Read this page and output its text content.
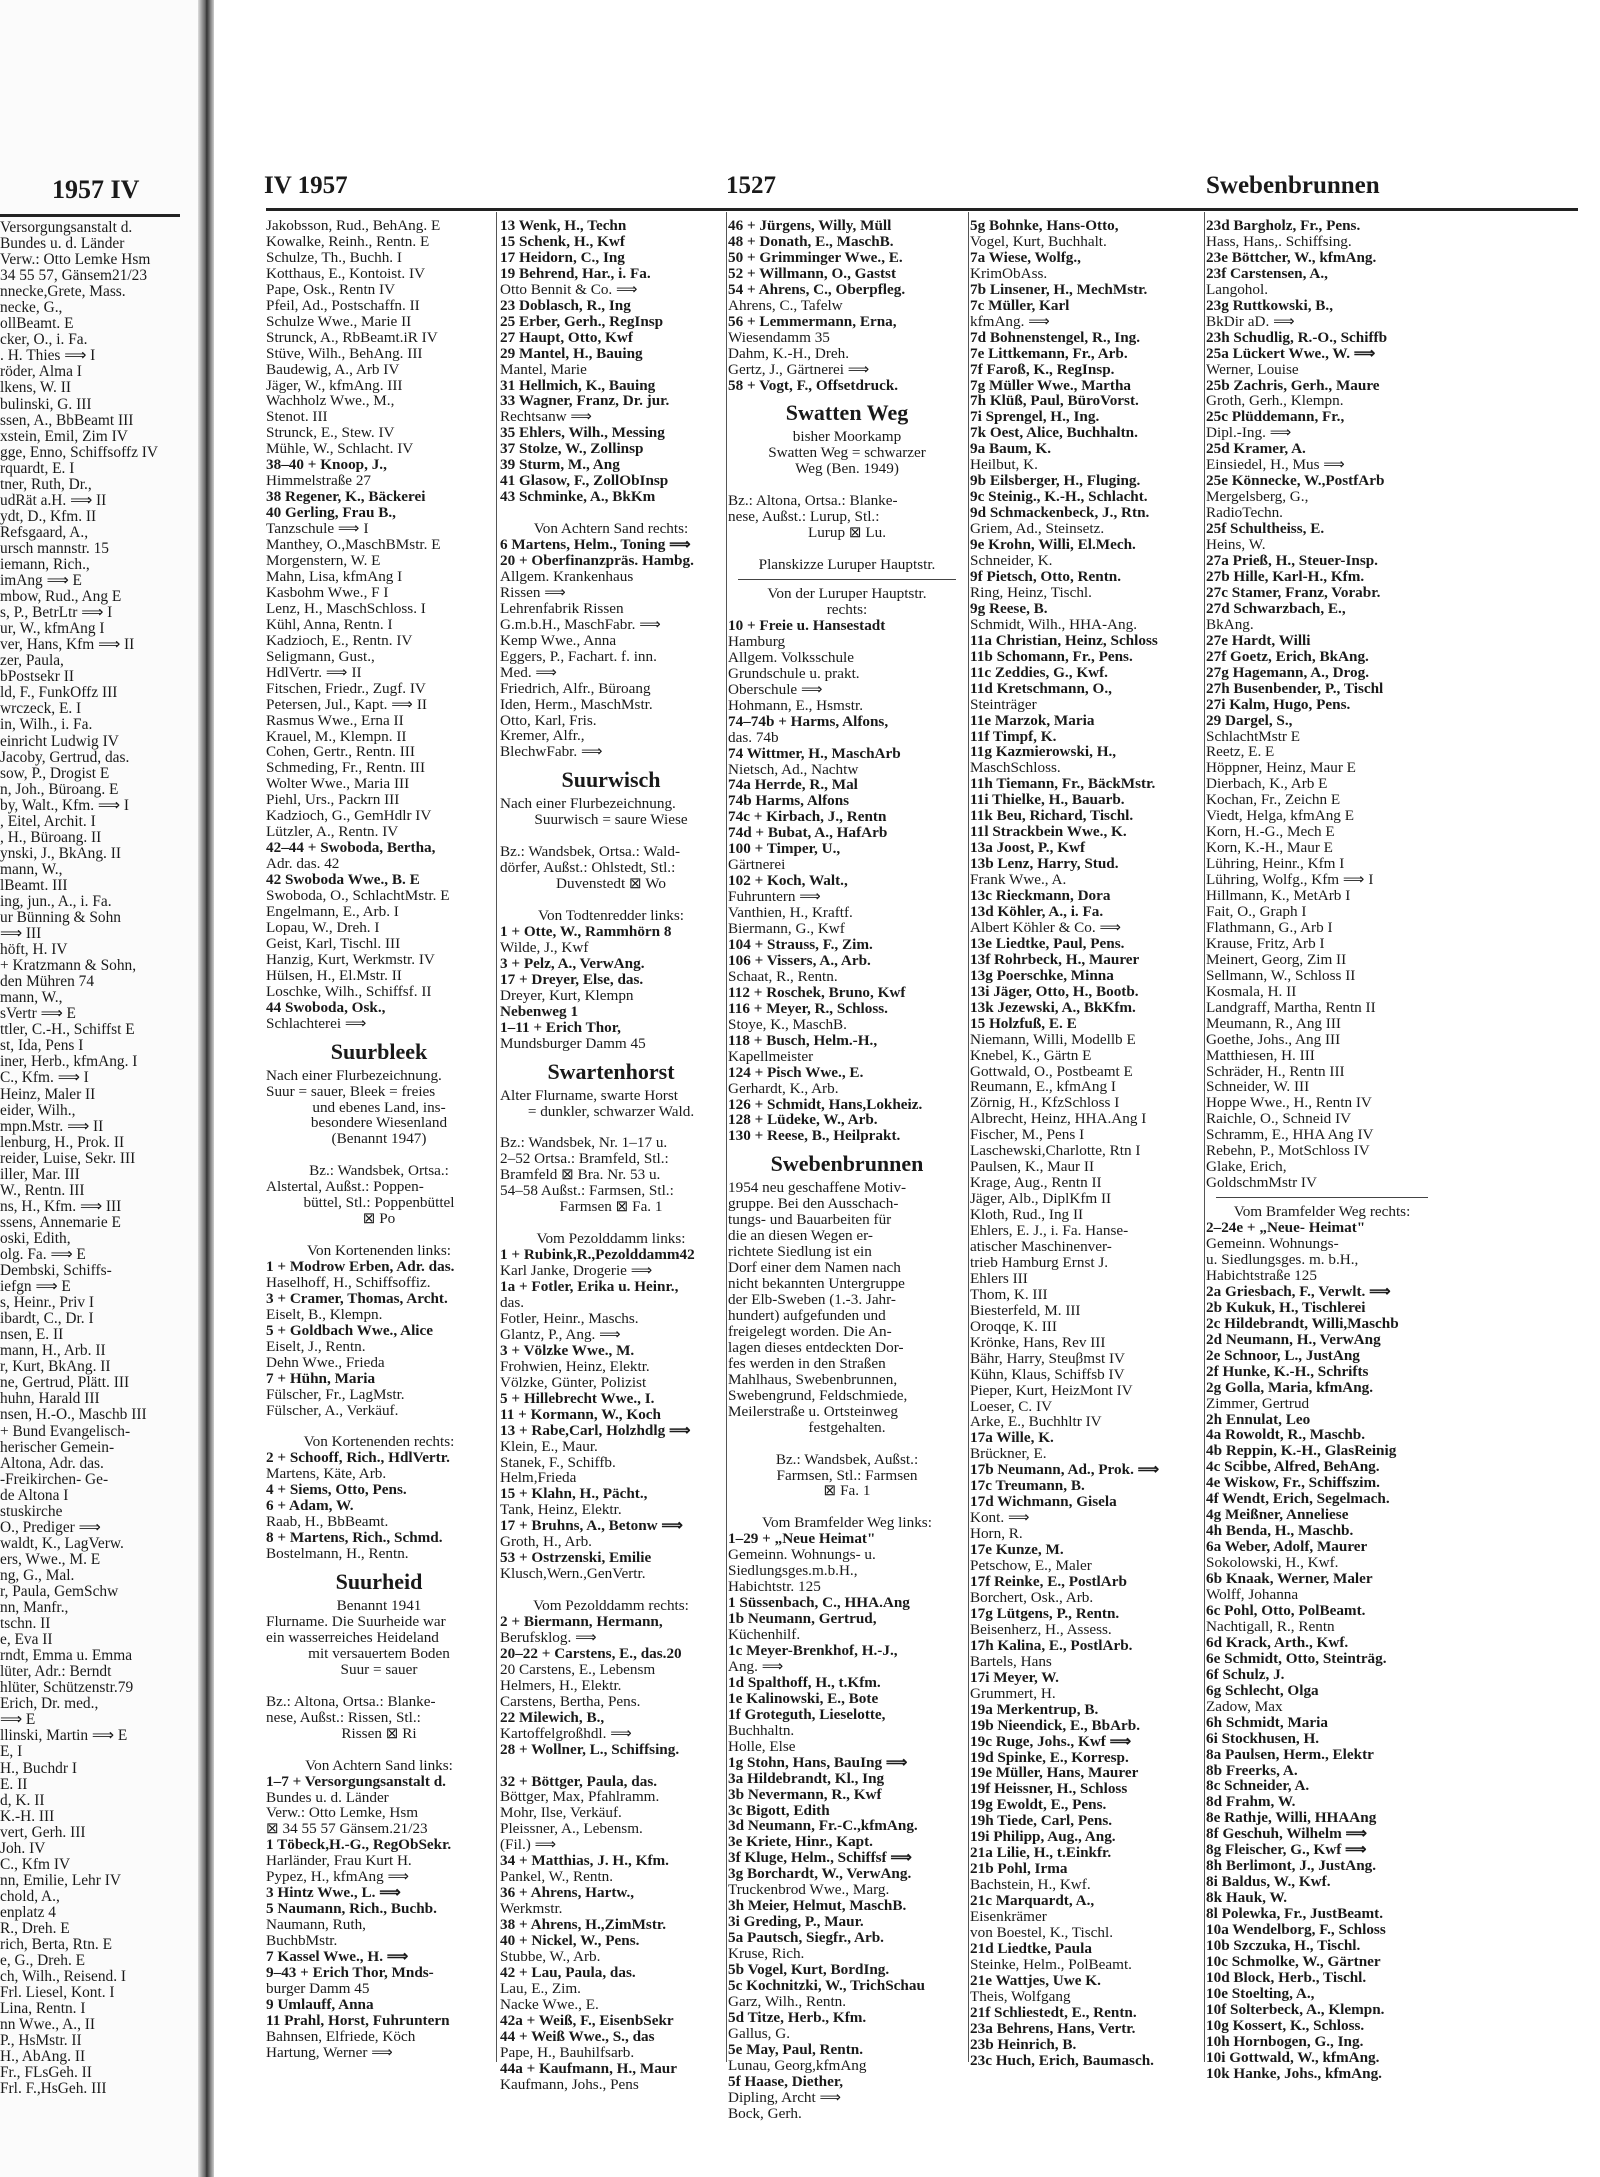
1957 IV
Versorgungsanstalt d.
Bundes u. d. Länder
Verw.: Otto Lemke Hsm
34 55 57, Gänsem21/23
nnecke,Grete, Mass.
necke, G.,
ollBeamt. E
cker, O., i. Fa.
. H. Thies ⟹ I
röder, Alma I
lkens, W. II
bulinski, G. III
ssen, A., BbBeamt III
xstein, Emil, Zim IV
gge, Enno, Schiffsoffz IV
rquardt, E. I
tner, Ruth, Dr.,
udRät a.H. ⟹ II
ydt, D., Kfm. II
Refsgaard, A.,
ursch mannstr. 15
iemann, Rich.,
imAng ⟹ E
mbow, Rud., Ang E
s, P., BetrLtr ⟹ I
ur, W., kfmAng I
ver, Hans, Kfm ⟹ II
zer, Paula,
bPostsekr II
ld, F., FunkOffz III
wrczeck, E. I
in, Wilh., i. Fa.
einricht Ludwig IV
Jacoby, Gertrud, das.
sow, P., Drogist E
n, Joh., Büroang. E
by, Walt., Kfm. ⟹ I
, Eitel, Archit. I
, H., Büroang. II
ynski, J., BkAng. II
mann, W.,
lBeamt. III
ing, jun., A., i. Fa.
ur Bünning & Sohn
⟹ III
höft, H. IV
+ Kratzmann & Sohn,
den Mühren 74
mann, W.,
sVertr ⟹ E
ttler, C.-H., Schiffst E
st, Ida, Pens I
iner, Herb., kfmAng. I
C., Kfm. ⟹ I
Heinz, Maler II
eider, Wilh.,
mpn.Mstr. ⟹ II
lenburg, H., Prok. II
reider, Luise, Sekr. III
iller, Mar. III
W., Rentn. III
ns, H., Kfm. ⟹ III
ssens, Annemarie E
oski, Edith,
olg. Fa. ⟹ E
Dembski, Schiffs-
iefgn ⟹ E
s, Heinr., Priv I
ibardt, C., Dr. I
nsen, E. II
mann, H., Arb. II
r, Kurt, BkAng. II
ne, Gertrud, Plätt. III
huhn, Harald III
nsen, H.-O., Maschb III
+ Bund Evangelisch-
herischer Gemein-
Altona, Adr. das.
-Freikirchen- Ge-
de Altona I
stuskirche
O., Prediger ⟹
waldt, K., LagVerw.
ers, Wwe., M. E
ng, G., Mal.
r, Paula, GemSchw
nn, Manfr.,
tschn. II
e, Eva II
rndt, Emma u. Emma
lüter, Adr.: Berndt
hlüter, Schützenstr.79
Erich, Dr. med.,
⟹ E
llinski, Martin ⟹ E
E, I
H., Buchdr I
E. II
d, K. II
K.-H. III
vert, Gerh. III
Joh. IV
C., Kfm IV
nn, Emilie, Lehr IV
chold, A.,
enplatz 4
R., Dreh. E
rich, Berta, Rtn. E
e, G., Dreh. E
ch, Wilh., Reisend. I
Frl. Liesel, Kont. I
Lina, Rentn. I
nn Wwe., A., II
P., HsMstr. II
H., AbAng. II
Fr., FLsGeh. II
Frl. F.,HsGeh. III
IV 1957	1527	Swebenbrunnen
Jakobsson, Rud., BehAng. E
Kowalke, Reinh., Rentn. E
Schulze, Th., Buchh. I
Kotthaus, E., Kontoist. IV
Pape, Osk., Rentn IV
Pfeil, Ad., Postschaffn. II
Schulze Wwe., Marie II
Strunck, A., RbBeamt.iR IV
Stüve, Wilh., BehAng. III
Baudewig, A., Arb IV
Jäger, W., kfmAng. III
Wachholz Wwe., M.,
Stenot. III
Strunck, E., Stew. IV
Mühle, W., Schlacht. IV
38–40 + Knoop, J.,
Himmelstraße 27
38 Regener, K., Bäckerei
40 Gerling, Frau B.,
Tanzschule ⟹ I
Manthey, O.,MaschBMstr. E
Morgenstern, W. E
Mahn, Lisa, kfmAng I
Kasbohm Wwe., F I
Lenz, H., MaschSchloss. I
Kühl, Anna, Rentn. I
Kadzioch, E., Rentn. IV
Seligmann, Gust.,
HdlVertr. ⟹ II
Fitschen, Friedr., Zugf. IV
Petersen, Jul., Kapt. ⟹ II
Rasmus Wwe., Erna II
Krauel, M., Klempn. II
Cohen, Gertr., Rentn. III
Schmeding, Fr., Rentn. III
Wolter Wwe., Maria III
Piehl, Urs., Packrn III
Kadzioch, G., GemHdlr IV
Lützler, A., Rentn. IV
42–44 + Swoboda, Bertha,
Adr. das. 42
42 Swoboda Wwe., B. E
Swoboda, O., SchlachtMstr. E
Engelmann, E., Arb. I
Lopau, W., Dreh. I
Geist, Karl, Tischl. III
Hanzig, Kurt, Werkmstr. IV
Hülsen, H., El.Mstr. II
Loschke, Wilh., Schiffsf. II
44 Swoboda, Osk.,
Schlachterei ⟹
Suurbleek
Nach einer Flurbezeichnung.
Suur = sauer, Bleek = freies
und ebenes Land, ins-
besondere Wiesenland
(Benannt 1947)
Bz.: Wandsbek, Ortsa.:
Alstertal, Außst.: Poppen-
büttel, Stl.: Poppenbüttel
⊠ Po
Von Kortenenden links:
1 + Modrow Erben, Adr. das.
Haselhoff, H., Schiffsoffiz.
3 + Cramer, Thomas, Archt.
Eiselt, B., Klempn.
5 + Goldbach Wwe., Alice
Eiselt, J., Rentn.
Dehn Wwe., Frieda
7 + Hühn, Maria
Fülscher, Fr., LagMstr.
Fülscher, A., Verkäuf.
Von Kortenenden rechts:
2 + Schooff, Rich., HdlVertr.
Martens, Käte, Arb.
4 + Siems, Otto, Pens.
6 + Adam, W.
Raab, H., BbBeamt.
8 + Martens, Rich., Schmd.
Bostelmann, H., Rentn.
Suurheid
Benannt 1941
Flurname. Die Suurheide war
ein wasserreiches Heideland
mit versauertem Boden
Suur = sauer
Bz.: Altona, Ortsa.: Blanke-
nese, Außst.: Rissen, Stl.:
Rissen ⊠ Ri
Von Achtern Sand links:
1–7 + Versorgungsanstalt d.
Bundes u. d. Länder
Verw.: Otto Lemke, Hsm
⊠ 34 55 57 Gänsem.21/23
1 Töbeck,H.-G., RegObSekr.
Harländer, Frau Kurt H.
Pypez, H., kfmAng ⟹
3 Hintz Wwe., L. ⟹
5 Naumann, Rich., Buchb.
Naumann, Ruth,
BuchbMstr.
7 Kassel Wwe., H. ⟹
9–43 + Erich Thor, Mnds-
burger Damm 45
9 Umlauff, Anna
11 Prahl, Horst, Fuhruntern
Bahnsen, Elfriede, Köch
Hartung, Werner ⟹
13 Wenk, H., Techn
15 Schenk, H., Kwf
17 Heidorn, C., Ing
19 Behrend, Har., i. Fa.
Otto Bennit & Co. ⟹
23 Doblasch, R., Ing
25 Erber, Gerh., RegInsp
27 Haupt, Otto, Kwf
29 Mantel, H., Bauing
Mantel, Marie
31 Hellmich, K., Bauing
33 Wagner, Franz, Dr. jur.
Rechtsanw ⟹
35 Ehlers, Wilh., Messing
37 Stolze, W., Zollinsp
39 Sturm, M., Ang
41 Glasow, F., ZollObInsp
43 Schminke, A., BkKm
Von Achtern Sand rechts:
6 Martens, Helm., Toning ⟹
20 + Oberfinanzpräs. Hambg.
Allgem. Krankenhaus
Rissen ⟹
Lehrenfabrik Rissen
G.m.b.H., MaschFabr. ⟹
Kemp Wwe., Anna
Eggers, P., Fachart. f. inn.
Med. ⟹
Friedrich, Alfr., Büroang
Iden, Herm., MaschMstr.
Otto, Karl, Fris.
Kremer, Alfr.,
BlechwFabr. ⟹
Suurwisch
Nach einer Flurbezeichnung.
Suurwisch = saure Wiese
Bz.: Wandsbek, Ortsa.: Wald-
dörfer, Außst.: Ohlstedt, Stl.:
Duvenstedt ⊠ Wo
Von Todtenredder links:
1 + Otte, W., Rammhörn 8
Wilde, J., Kwf
3 + Pelz, A., VerwAng.
17 + Dreyer, Else, das.
Dreyer, Kurt, Klempn
Nebenweg 1
1–11 + Erich Thor,
Mundsburger Damm 45
Swartenhorst
Alter Flurname, swarte Horst
= dunkler, schwarzer Wald.
Bz.: Wandsbek, Nr. 1–17 u.
2–52 Ortsa.: Bramfeld, Stl.:
Bramfeld ⊠ Bra. Nr. 53 u.
54–58 Außst.: Farmsen, Stl.:
Farmsen ⊠ Fa. 1
Vom Pezolddamm links:
1 + Rubink,R.,Pezolddamm42
Karl Janke, Drogerie ⟹
1a + Fotler, Erika u. Heinr.,
das.
Fotler, Heinr., Maschs.
Glantz, P., Ang. ⟹
3 + Völzke Wwe., M.
Frohwien, Heinz, Elektr.
Völzke, Günter, Polizist
5 + Hillebrecht Wwe., I.
11 + Kormann, W., Koch
13 + Rabe,Carl, Holzhdlg ⟹
Klein, E., Maur.
Stanek, F., Schiffb.
Helm,Frieda
15 + Klahn, H., Pächt.,
Tank, Heinz, Elektr.
17 + Bruhns, A., Betonw ⟹
Groth, H., Arb.
53 + Ostrzenski, Emilie
Klusch,Wern.,GenVertr.
Vom Pezolddamm rechts:
2 + Biermann, Hermann,
Berufsklog. ⟹
20–22 + Carstens, E., das.20
20 Carstens, E., Lebensm
Helmers, H., Elektr.
Carstens, Bertha, Pens.
22 Milewich, B.,
Kartoffelgroßhdl. ⟹
28 + Wollner, L., Schiffsing.
32 + Böttger, Paula, das.
Böttger, Max, Pfahlramm.
Mohr, Ilse, Verkäuf.
Pleissner, A., Lebensm.
(Fil.) ⟹
34 + Matthias, J. H., Kfm.
Pankel, W., Rentn.
36 + Ahrens, Hartw.,
Werkmstr.
38 + Ahrens, H.,ZimMstr.
40 + Nickel, W., Pens.
Stubbe, W., Arb.
42 + Lau, Paula, das.
Lau, E., Zim.
Nacke Wwe., E.
42a + Weiß, F., EisenbSekr
44 + Weiß Wwe., S., das
Pape, H., Bauhilfsarb.
44a + Kaufmann, H., Maur
Kaufmann, Johs., Pens
46 + Jürgens, Willy, Müll
48 + Donath, E., MaschB.
50 + Grimminger Wwe., E.
52 + Willmann, O., Gastst
54 + Ahrens, C., Oberpfleg.
Ahrens, C., Tafelw
56 + Lemmermann, Erna,
Wiesendamm 35
Dahm, K.-H., Dreh.
Gertz, J., Gärtnerei ⟹
58 + Vogt, F., Offsetdruck.
Swatten Weg
bisher Moorkamp
Swatten Weg = schwarzer
Weg (Ben. 1949)
Bz.: Altona, Ortsa.: Blanke-
nese, Außst.: Lurup, Stl.:
Lurup ⊠ Lu.
Planskizze Luruper Hauptstr.
Von der Luruper Hauptstr.
rechts:
10 + Freie u. Hansestadt
Hamburg
Allgem. Volksschule
Grundschule u. prakt.
Oberschule ⟹
Hohmann, E., Hsmstr.
74–74b + Harms, Alfons,
das. 74b
74 Wittmer, H., MaschArb
Nietsch, Ad., Nachtw
74a Herrde, R., Mal
74b Harms, Alfons
74c + Kirbach, J., Rentn
74d + Bubat, A., HafArb
100 + Timper, U.,
Gärtnerei
102 + Koch, Walt.,
Fuhruntern ⟹
Vanthien, H., Kraftf.
Biermann, G., Kwf
104 + Strauss, F., Zim.
106 + Vissers, A., Arb.
Schaat, R., Rentn.
112 + Roschek, Bruno, Kwf
116 + Meyer, R., Schloss.
Stoye, K., MaschB.
118 + Busch, Helm.-H.,
Kapellmeister
124 + Pisch Wwe., E.
Gerhardt, K., Arb.
126 + Schmidt, Hans,Lokheiz.
128 + Lüdeke, W., Arb.
130 + Reese, B., Heilprakt.
Swebenbrunnen
1954 neu geschaffene Motiv-
gruppe. Bei den Ausschach-
tungs- und Bauarbeiten für
die an diesen Wegen er-
richtete Siedlung ist ein
Dorf einer dem Namen nach
nicht bekannten Untergruppe
der Elb-Sweben (1.-3. Jahr-
hundert) aufgefunden und
freigelegt worden. Die An-
lagen dieses entdeckten Dor-
fes werden in den Straßen
Mahlhaus, Swebenbrunnen,
Swebengrund, Feldschmiede,
Meilerstraße u. Ortsteinweg
festgehalten.
Bz.: Wandsbek, Außst.:
Farmsen, Stl.: Farmsen
⊠ Fa. 1
Vom Bramfelder Weg links:
1–29 + „Neue Heimat"
Gemeinn. Wohnungs- u.
Siedlungsges.m.b.H.,
Habichtstr. 125
1 Süssenbach, C., HHA.Ang
1b Neumann, Gertrud,
Küchenhilf.
1c Meyer-Brenkhof, H.-J.,
Ang. ⟹
1d Spalthoff, H., t.Kfm.
1e Kalinowski, E., Bote
1f Groteguth, Lieselotte,
Buchhaltn.
Holle, Else
1g Stohn, Hans, BauIng ⟹
3a Hildebrandt, Kl., Ing
3b Nevermann, R., Kwf
3c Bigott, Edith
3d Neumann, Fr.-C.,kfmAng.
3e Kriete, Hinr., Kapt.
3f Kluge, Helm., Schiffsf ⟹
3g Borchardt, W., VerwAng.
Truckenbrod Wwe., Marg.
3h Meier, Helmut, MaschB.
3i Greding, P., Maur.
5a Pautsch, Siegfr., Arb.
Kruse, Rich.
5b Vogel, Kurt, BordIng.
5c Kochnitzki, W., TrichSchau
Garz, Wilh., Rentn.
5d Titze, Herb., Kfm.
Gallus, G.
5e May, Paul, Rentn.
Lunau, Georg,kfmAng
5f Haase, Diether,
Dipling, Archt ⟹
Bock, Gerh.
5g Bohnke, Hans-Otto,
Vogel, Kurt, Buchhalt.
7a Wiese, Wolfg.,
KrimObAss.
7b Linsener, H., MechMstr.
7c Müller, Karl
kfmAng. ⟹
7d Bohnenstengel, R., Ing.
7e Littkemann, Fr., Arb.
7f Faroß, K., RegInsp.
7g Müller Wwe., Martha
7h Klüß, Paul, BüroVorst.
7i Sprengel, H., Ing.
7k Oest, Alice, Buchhaltn.
9a Baum, K.
Heilbut, K.
9b Eilsberger, H., Fluging.
9c Steinig., K.-H., Schlacht.
9d Schmackenbeck, J., Rtn.
Griem, Ad., Steinsetz.
9e Krohn, Willi, El.Mech.
Schneider, K.
9f Pietsch, Otto, Rentn.
Ring, Heinz, Tischl.
9g Reese, B.
Schmidt, Wilh., HHA-Ang.
11a Christian, Heinz, Schloss
11b Schomann, Fr., Pens.
11c Zeddies, G., Kwf.
11d Kretschmann, O.,
Steinträger
11e Marzok, Maria
11f Timpf, K.
11g Kazmierowski, H.,
MaschSchloss.
11h Tiemann, Fr., BäckMstr.
11i Thielke, H., Bauarb.
11k Beu, Richard, Tischl.
11l Strackbein Wwe., K.
13a Joost, P., Kwf
13b Lenz, Harry, Stud.
Frank Wwe., A.
13c Rieckmann, Dora
13d Köhler, A., i. Fa.
Albert Köhler & Co. ⟹
13e Liedtke, Paul, Pens.
13f Rohrbeck, H., Maurer
13g Poerschke, Minna
13i Jäger, Otto, H., Bootb.
13k Jezewski, A., BkKfm.
15 Holzfuß, E. E
Niemann, Willi, Modellb E
Knebel, K., Gärtn E
Gottwald, O., Postbeamt E
Reumann, E., kfmAng I
Zörnig, H., KfzSchloss I
Albrecht, Heinz, HHA.Ang I
Fischer, M., Pens I
Laschewski,Charlotte, Rtn I
Paulsen, K., Maur II
Krage, Aug., Rentn II
Jäger, Alb., DiplKfm II
Kloth, Rud., Ing II
Ehlers, E. J., i. Fa. Hanse-
atischer Maschinenver-
trieb Hamburg Ernst J.
Ehlers III
Thom, K. III
Biesterfeld, M. III
Oroqqe, K. III
Krönke, Hans, Rev III
Bähr, Harry, Steuβmst IV
Kühn, Klaus, Schiffsb IV
Pieper, Kurt, HeizMont IV
Loeser, C. IV
Arke, E., Buchhltr IV
17a Wille, K.
Brückner, E.
17b Neumann, Ad., Prok. ⟹
17c Treumann, B.
17d Wichmann, Gisela
Kont. ⟹
Horn, R.
17e Kunze, M.
Petschow, E., Maler
17f Reinke, E., PostlArb
Borchert, Osk., Arb.
17g Lütgens, P., Rentn.
Beisenherz, H., Assess.
17h Kalina, E., PostlArb.
Bartels, Hans
17i Meyer, W.
Grummert, H.
19a Merkentrup, B.
19b Nieendick, E., BbArb.
19c Ruge, Johs., Kwf ⟹
19d Spinke, E., Korresp.
19e Müller, Hans, Maurer
19f Heissner, H., Schloss
19g Ewoldt, E., Pens.
19h Tiede, Carl, Pens.
19i Philipp, Aug., Ang.
21a Lilie, H., t.Einkfr.
21b Pohl, Irma
Bachstein, H., Kwf.
21c Marquardt, A.,
Eisenkrämer
von Boestel, K., Tischl.
21d Liedtke, Paula
Steinke, Helm., PolBeamt.
21e Wattjes, Uwe K.
Theis, Wolfgang
21f Schliestedt, E., Rentn.
23a Behrens, Hans, Vertr.
23b Heinrich, B.
23c Huch, Erich, Baumasch.
23d Bargholz, Fr., Pens.
Hass, Hans,. Schiffsing.
23e Böttcher, W., kfmAng.
23f Carstensen, A.,
Langohol.
23g Ruttkowski, B.,
BkDir aD. ⟹
23h Schudlig, R.-O., Schiffb
25a Lückert Wwe., W. ⟹
Werner, Louise
25b Zachris, Gerh., Maure
Groth, Gerh., Klempn.
25c Plüddemann, Fr.,
Dipl.-Ing. ⟹
25d Kramer, A.
Einsiedel, H., Mus ⟹
25e Könnecke, W.,PostfArb
Mergelsberg, G.,
RadioTechn.
25f Schultheiss, E.
Heins, W.
27a Prieß, H., Steuer-Insp.
27b Hille, Karl-H., Kfm.
27c Stamer, Franz, Vorabr.
27d Schwarzbach, E.,
BkAng.
27e Hardt, Willi
27f Goetz, Erich, BkAng.
27g Hagemann, A., Drog.
27h Busenbender, P., Tischl
27i Kalm, Hugo, Pens.
29 Dargel, S.,
SchlachtMstr E
Reetz, E. E
Höppner, Heinz, Maur E
Dierbach, K., Arb E
Kochan, Fr., Zeichn E
Viedt, Helga, kfmAng E
Korn, H.-G., Mech E
Korn, K.-H., Maur E
Lühring, Heinr., Kfm I
Lühring, Wolfg., Kfm ⟹ I
Hillmann, K., MetArb I
Fait, O., Graph I
Flathmann, G., Arb I
Krause, Fritz, Arb I
Meinert, Georg, Zim II
Sellmann, W., Schloss II
Kosmala, H. II
Landgraff, Martha, Rentn II
Meumann, R., Ang III
Goethe, Johs., Ang III
Matthiesen, H. III
Schräder, H., Rentn III
Schneider, W. III
Hoppe Wwe., H., Rentn IV
Raichle, O., Schneid IV
Schramm, E., HHA Ang IV
Rebehn, P., MotSchloss IV
Glake, Erich,
GoldschmMstr IV
Vom Bramfelder Weg rechts:
2–24e + „Neue- Heimat"
Gemeinn. Wohnungs-
u. Siedlungsges. m. b.H.,
Habichtstraße 125
2a Griesbach, F., Verwlt. ⟹
2b Kukuk, H., Tischlerei
2c Hildebrandt, Willi,Maschb
2d Neumann, H., VerwAng
2e Schnoor, L., JustAng
2f Hunke, K.-H., Schrifts
2g Golla, Maria, kfmAng.
Zimmer, Gertrud
2h Ennulat, Leo
4a Rowoldt, R., Maschb.
4b Reppin, K.-H., GlasReinig
4c Scibbe, Alfred, BehAng.
4e Wiskow, Fr., Schiffszim.
4f Wendt, Erich, Segelmach.
4g Meißner, Anneliese
4h Benda, H., Maschb.
6a Weber, Adolf, Maurer
Sokolowski, H., Kwf.
6b Knaak, Werner, Maler
Wolff, Johanna
6c Pohl, Otto, PolBeamt.
Nachtigall, R., Rentn
6d Krack, Arth., Kwf.
6e Schmidt, Otto, Steinträg.
6f Schulz, J.
6g Schlecht, Olga
Zadow, Max
6h Schmidt, Maria
6i Stockhusen, H.
8a Paulsen, Herm., Elektr
8b Freerks, A.
8c Schneider, A.
8d Frahm, W.
8e Rathje, Willi, HHAAng
8f Geschuh, Wilhelm ⟹
8g Fleischer, G., Kwf ⟹
8h Berlimont, J., JustAng.
8i Baldus, W., Kwf.
8k Hauk, W.
8l Polewka, Fr., JustBeamt.
10a Wendelborg, F., Schloss
10b Szczuka, H., Tischl.
10c Schmolke, W., Gärtner
10d Block, Herb., Tischl.
10e Stoelting, A.,
10f Solterbeck, A., Klempn.
10g Kossert, K., Schloss.
10h Hornbogen, G., Ing.
10i Gottwald, W., kfmAng.
10k Hanke, Johs., kfmAng.
